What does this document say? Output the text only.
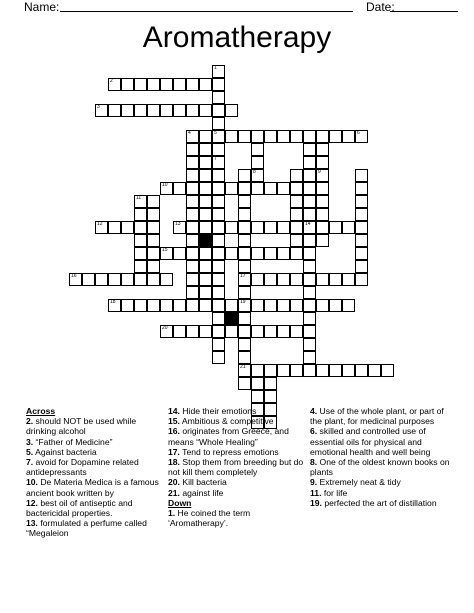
Name:	Date:
Aromatherapy
2
3
5	6
10
12	13	14
15
16	17
18	19
20
21
1
7
4
8	9
11
Across
2. should NOT be used while drinking alcohol
3. “Father of Medicine”
5. Against bacteria
7. avoid for Dopamine related antidepressants
10. De Materia Medica is a famous ancient book written by
12. best oil of antiseptic and bactericidal properties.
13. formulated a perfume called “Megaleion
14. Hide their emotions
15. Ambitious & competitive
16. originates from Greece, and means “Whole Healing”
17. Tend to repress emotions
18. Stop them from breeding but do not kill them completely
20. Kill bacteria
21. against life
Down
1. He coined the term ‘Aromatherapy’.
4. Use of the whole plant, or part of the plant, for medicinal purposes
6. skilled and controlled use of essential oils for physical and emotional health and well being
8. One of the oldest known books on plants
9. Extremely neat & tidy
11. for life
19. perfected the art of distillation
